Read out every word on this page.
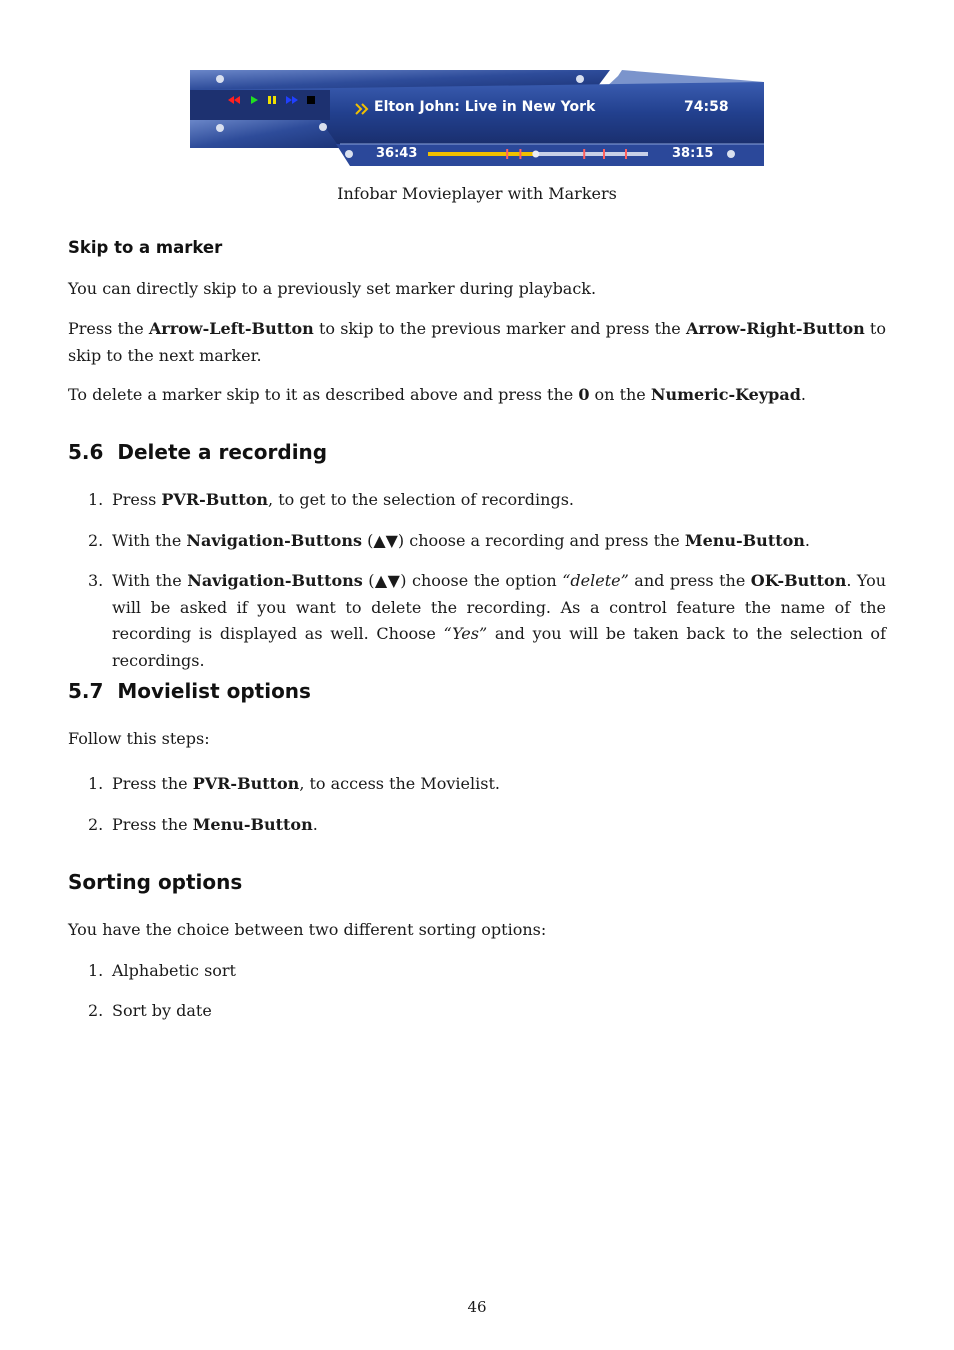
Elton John: Live in New York	74:58
36:43	38:15
Infobar Movieplayer with Markers
Skip to a marker

You can directly skip to a previously set marker during playback.

Press the Arrow-Left-Button to skip to the previous marker and press the Arrow-Right-Button to skip to the next marker.

To delete a marker skip to it as described above and press the 0 on the Numeric-Keypad.

5.6  Delete a recording
1. Press PVR-Button, to get to the selection of recordings.
2. With the Navigation-Buttons (▲▼) choose a recording and press the Menu-Button.
3. With the Navigation-Buttons (▲▼) choose the option “delete” and press the OK-Button. You will be asked if you want to delete the recording. As a control feature the name of the recording is displayed as well. Choose “Yes” and you will be taken back to the selection of recordings.
5.7  Movielist options

Follow this steps:

1. Press the PVR-Button, to access the Movielist.
2. Press the Menu-Button.
Sorting options

You have the choice between two different sorting options:

1. Alphabetic sort
2. Sort by date
46
